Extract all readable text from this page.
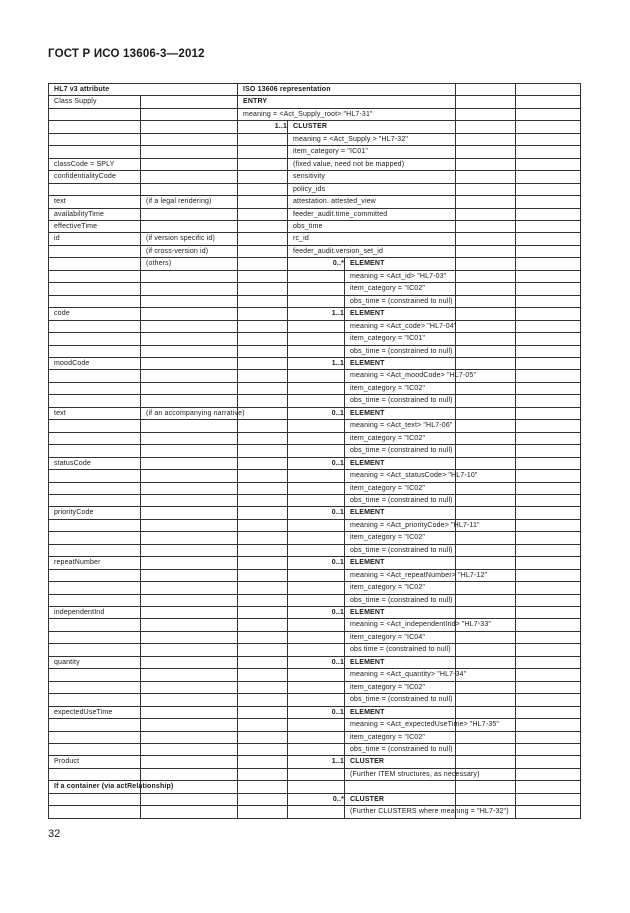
ГОСТ Р ИСО 13606-3—2012
HL7 v3 attribute		ISO 13606 representation				
Class Supply		ENTRY				
		meaning = <Act_Supply_root> "HL7-31"				
		1..1	CLUSTER			
			meaning = <Act_Supply > "HL7-32"			
			item_category = "IC01"			
classCode = SPLY			(fixed value, need not be mapped)			
confidentialityCode			sensitivity			
			policy_ids			
text	(if a legal rendering)		attestation. attested_view			
availabilityTime			feeder_audit.time_committed			
effectiveTime			obs_time			
id	(if version specific id)		rc_id			
	(if cross-version id)		feeder_audit.version_set_id			
	(others)		0..*	ELEMENT		
				meaning = <Act_id> "HL7-03"		
				item_category = "IC02"		
				obs_time = (constrained to null)		
code			1..1	ELEMENT		
				meaning = <Act_code> "HL7-04"		
				item_category = "IC01"		
				obs_time = (constrained to null)		
moodCode			1..1	ELEMENT		
				meaning = <Act_moodCode> "HL7-05"		
				item_category = "IC02"		
				obs_time = (constrained to null)		
text	(if an accompanying narrative)		0..1	ELEMENT		
				meaning = <Act_text> "HL7-06"		
				item_category = "IC02"		
				obs_time = (constrained to null)		
statusCode			0..1	ELEMENT		
				meaning = <Act_statusCode> "HL7-10"		
				item_category = "IC02"		
				obs_time = (constrained to null)		
priorityCode			0..1	ELEMENT		
				meaning = <Act_priorityCode> "HL7-11"		
				item_category = "IC02"		
				obs_time = (constrained to null)		
repeatNumber			0..1	ELEMENT		
				meaning = <Act_repeatNumber> "HL7-12"		
				item_category = "IC02"		
				obs_time = (constrained to null)		
independentInd			0..1	ELEMENT		
				meaning = <Act_independentInd> "HL7-33"		
				item_category = "IC04"		
				obs time = (constrained to null)		
quantity			0..1	ELEMENT		
				meaning = <Act_quantity> "HL7-34"		
				item_category = "IC02"		
				obs_time = (constrained to null)		
expectedUseTime			0..1	ELEMENT		
				meaning = <Act_expectedUseTime> "HL7-35"		
				item_category = "IC02"		
				obs_time = (constrained to null)		
Product			1..1	CLUSTER		
				(Further ITEM structures, as necessary)		
If a container (via actRelationship)						
			0..*	CLUSTER		
				(Further CLUSTERS where meaning = "HL7-32")		
32
